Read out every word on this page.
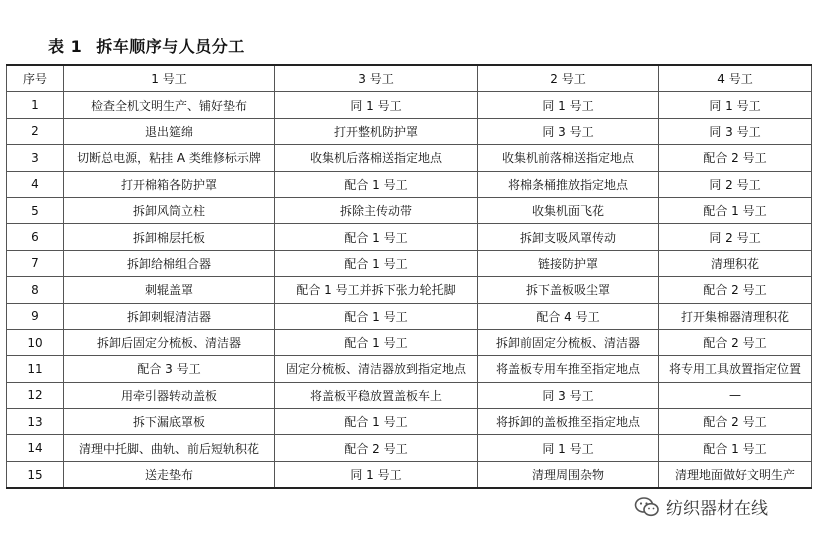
表 1 拆车顺序与人员分工
序号	1 号工	3 号工	2 号工	4 号工
1	检查全机文明生产、铺好垫布	同 1 号工	同 1 号工	同 1 号工
2	退出筵绵	打开整机防护罩	同 3 号工	同 3 号工
3	切断总电源，粘挂 A 类维修标示牌	收集机后落棉送指定地点	收集机前落棉送指定地点	配合 2 号工
4	打开棉箱各防护罩	配合 1 号工	将棉条桶推放指定地点	同 2 号工
5	拆卸风筒立柱	拆除主传动带	收集机面飞花	配合 1 号工
6	拆卸棉层托板	配合 1 号工	拆卸支吸风罩传动	同 2 号工
7	拆卸给棉组合器	配合 1 号工	链接防护罩	清理积花
8	刺辊盖罩	配合 1 号工并拆下张力轮托脚	拆下盖板吸尘罩	配合 2 号工
9	拆卸刺辊清洁器	配合 1 号工	配合 4 号工	打开集棉器清理积花
10	拆卸后固定分梳板、清洁器	配合 1 号工	拆卸前固定分梳板、清洁器	配合 2 号工
11	配合 3 号工	固定分梳板、清洁器放到指定地点	将盖板专用车推至指定地点	将专用工具放置指定位置
12	用牵引器转动盖板	将盖板平稳放置盖板车上	同 3 号工	—
13	拆下漏底罩板	配合 1 号工	将拆卸的盖板推至指定地点	配合 2 号工
14	清理中托脚、曲轨、前后短轨积花	配合 2 号工	同 1 号工	配合 1 号工
15	送走垫布	同 1 号工	清理周围杂物	清理地面做好文明生产
纺织器材在线
